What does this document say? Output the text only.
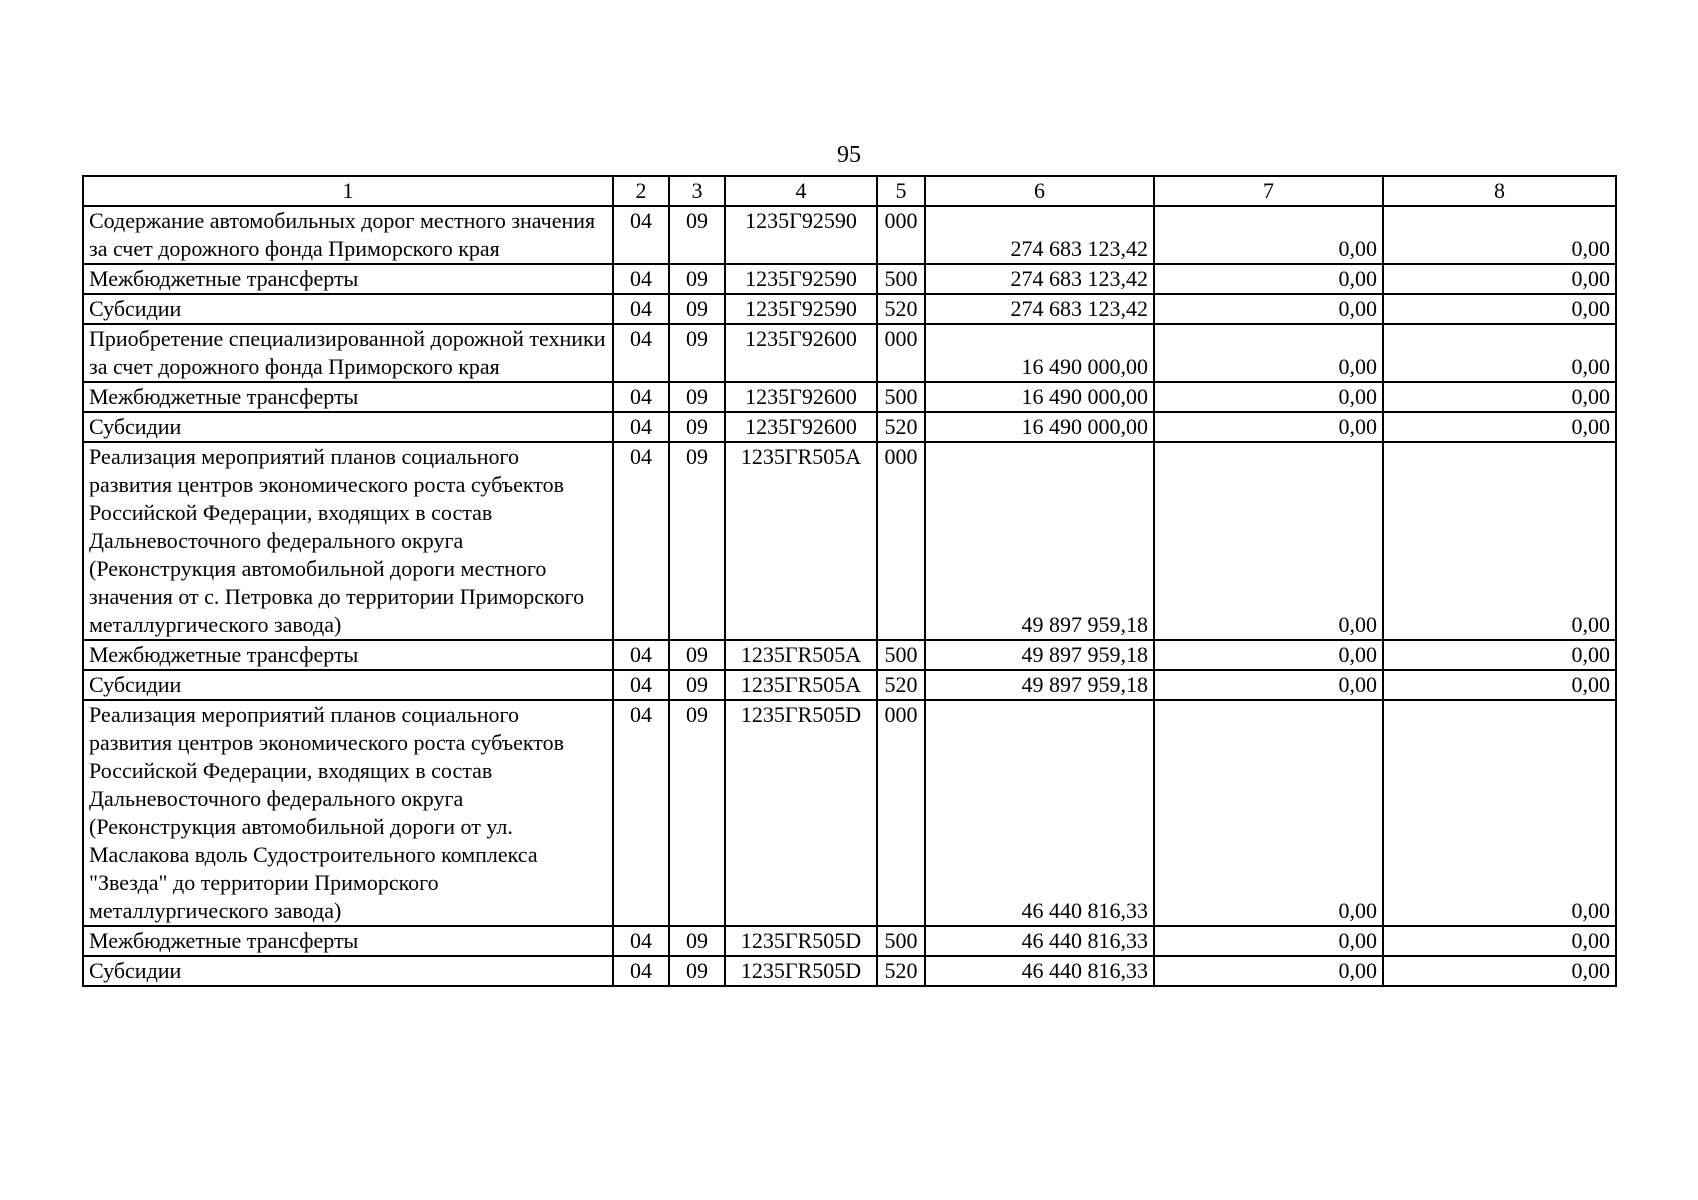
95
1	2	3	4	5	6	7	8
Содержание автомобильных дорог местного значения за счет дорожного фонда Приморского края	04	09	1235Г92590	000	274 683 123,42	0,00	0,00
Межбюджетные трансферты	04	09	1235Г92590	500	274 683 123,42	0,00	0,00
Субсидии	04	09	1235Г92590	520	274 683 123,42	0,00	0,00
Приобретение специализированной дорожной техники за счет дорожного фонда Приморского края	04	09	1235Г92600	000	16 490 000,00	0,00	0,00
Межбюджетные трансферты	04	09	1235Г92600	500	16 490 000,00	0,00	0,00
Субсидии	04	09	1235Г92600	520	16 490 000,00	0,00	0,00
Реализация мероприятий планов социального развития центров экономического роста субъектов Российской Федерации, входящих в состав Дальневосточного федерального округа (Реконструкция автомобильной дороги местного значения от с. Петровка до территории Приморского металлургического завода)	04	09	1235ГR505A	000	49 897 959,18	0,00	0,00
Межбюджетные трансферты	04	09	1235ГR505A	500	49 897 959,18	0,00	0,00
Субсидии	04	09	1235ГR505A	520	49 897 959,18	0,00	0,00
Реализация мероприятий планов социального развития центров экономического роста субъектов Российской Федерации, входящих в состав Дальневосточного федерального округа (Реконструкция автомобильной дороги от ул. Маслакова вдоль Судостроительного комплекса "Звезда" до территории Приморского металлургического завода)	04	09	1235ГR505D	000	46 440 816,33	0,00	0,00
Межбюджетные трансферты	04	09	1235ГR505D	500	46 440 816,33	0,00	0,00
Субсидии	04	09	1235ГR505D	520	46 440 816,33	0,00	0,00
